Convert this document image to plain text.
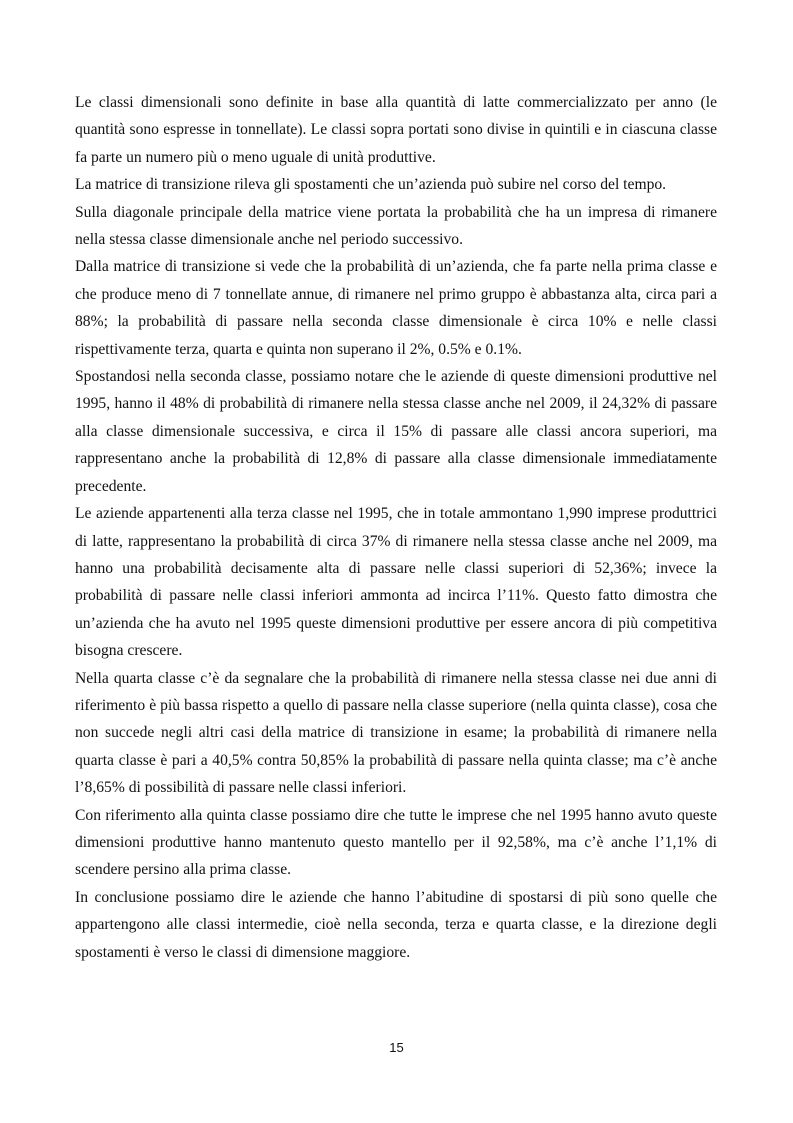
Le classi dimensionali sono definite in base alla quantità di latte commercializzato per anno (le quantità sono espresse in tonnellate). Le classi sopra portati sono divise in quintili e in ciascuna classe fa parte un numero più o meno uguale di unità produttive.

La matrice di transizione rileva gli spostamenti che un’azienda può subire nel corso del tempo.

Sulla diagonale principale della matrice viene portata la probabilità che ha un impresa di rimanere nella stessa classe dimensionale anche nel periodo successivo.

Dalla matrice di transizione si vede che la probabilità di un’azienda, che fa parte nella prima classe e che produce meno di 7 tonnellate annue, di rimanere nel primo gruppo è abbastanza alta, circa pari a 88%; la probabilità di passare nella seconda classe dimensionale è circa 10% e nelle classi rispettivamente terza, quarta e quinta non superano il 2%, 0.5% e 0.1%.

Spostandosi nella seconda classe, possiamo notare che le aziende di queste dimensioni produttive nel 1995, hanno il 48% di probabilità di rimanere nella stessa classe anche nel 2009, il 24,32% di passare alla classe dimensionale successiva, e circa il 15% di passare alle classi ancora superiori, ma rappresentano anche la probabilità di 12,8% di passare alla classe dimensionale immediatamente precedente.

Le aziende appartenenti alla terza classe nel 1995, che in totale ammontano 1,990 imprese produttrici di latte, rappresentano la probabilità di circa 37% di rimanere nella stessa classe anche nel 2009, ma hanno una probabilità decisamente alta di passare nelle classi superiori di 52,36%; invece la probabilità di passare nelle classi inferiori ammonta ad incirca l’11%. Questo fatto dimostra che un’azienda che ha avuto nel 1995 queste dimensioni produttive per essere ancora di più competitiva bisogna crescere.

Nella quarta classe c’è da segnalare che la probabilità di rimanere nella stessa classe nei due anni di riferimento è più bassa rispetto a quello di passare nella classe superiore (nella quinta classe), cosa che non succede negli altri casi della matrice di transizione in esame; la probabilità di rimanere nella quarta classe è pari a 40,5% contra 50,85% la probabilità di passare nella quinta classe; ma c’è anche l’8,65% di possibilità di passare nelle classi inferiori.

Con riferimento alla quinta classe possiamo dire che tutte le imprese che nel 1995 hanno avuto queste dimensioni produttive hanno mantenuto questo mantello per il 92,58%, ma c’è anche l’1,1% di scendere persino alla prima classe.

In conclusione possiamo dire le aziende che hanno l’abitudine di spostarsi di più sono quelle che appartengono alle classi intermedie, cioè nella seconda, terza e quarta classe, e la direzione degli spostamenti è verso le classi di dimensione maggiore.

15
